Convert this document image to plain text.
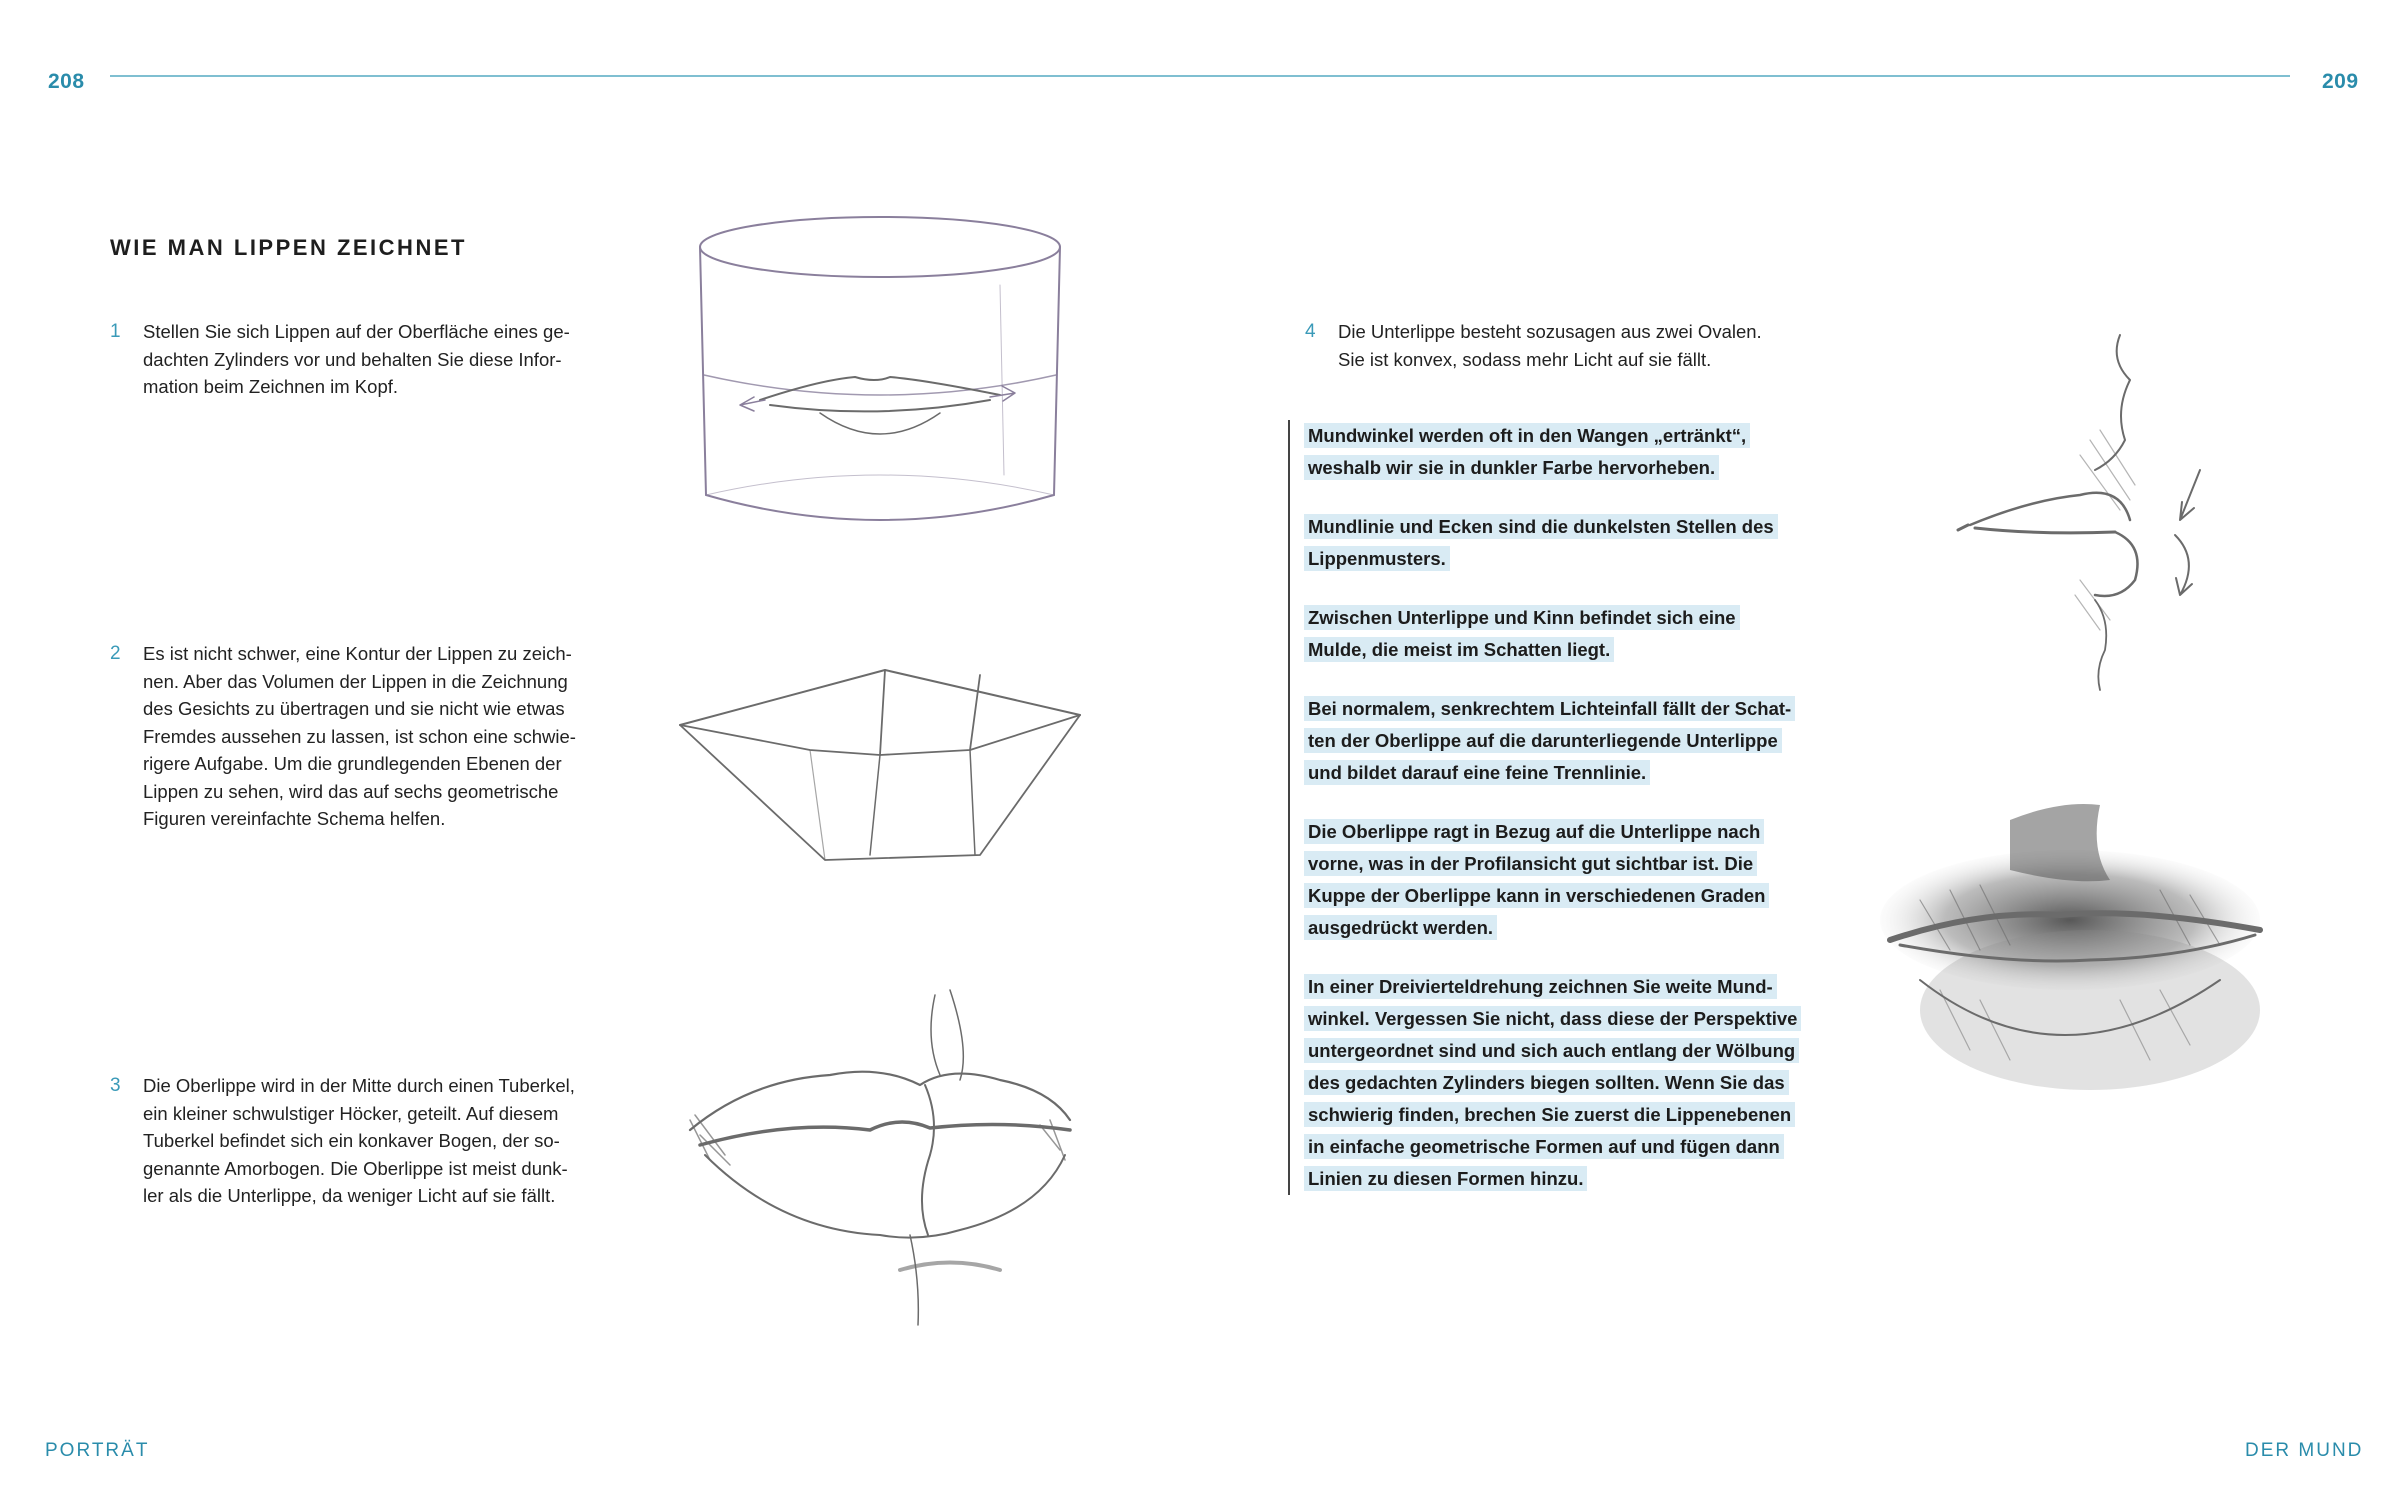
208	209
WIE MAN LIPPEN ZEICHNET
1 Stellen Sie sich Lippen auf der Oberfläche eines ge-
dachten Zylinders vor und behalten Sie diese Infor-
mation beim Zeichnen im Kopf.
2 Es ist nicht schwer, eine Kontur der Lippen zu zeich-
nen. Aber das Volumen der Lippen in die Zeichnung
des Gesichts zu übertragen und sie nicht wie etwas
Fremdes aussehen zu lassen, ist schon eine schwie-
rigere Aufgabe. Um die grundlegenden Ebenen der
Lippen zu sehen, wird das auf sechs geometrische
Figuren vereinfachte Schema helfen.
3 Die Oberlippe wird in der Mitte durch einen Tuberkel,
ein kleiner schwulstiger Höcker, geteilt. Auf diesem
Tuberkel befindet sich ein konkaver Bogen, der so-
genannte Amorbogen. Die Oberlippe ist meist dunk-
ler als die Unterlippe, da weniger Licht auf sie fällt.
4 Die Unterlippe besteht sozusagen aus zwei Ovalen.
Sie ist konvex, sodass mehr Licht auf sie fällt.
Mundwinkel werden oft in den Wangen „ertränkt“,
weshalb wir sie in dunkler Farbe hervorheben.
Mundlinie und Ecken sind die dunkelsten Stellen des
Lippenmusters.
Zwischen Unterlippe und Kinn befindet sich eine
Mulde, die meist im Schatten liegt.
Bei normalem, senkrechtem Lichteinfall fällt der Schat-
ten der Oberlippe auf die darunterliegende Unterlippe
und bildet darauf eine feine Trennlinie.
Die Oberlippe ragt in Bezug auf die Unterlippe nach
vorne, was in der Profilansicht gut sichtbar ist. Die
Kuppe der Oberlippe kann in verschiedenen Graden
ausgedrückt werden.
In einer Dreivierteldrehung zeichnen Sie weite Mund-
winkel. Vergessen Sie nicht, dass diese der Perspektive
untergeordnet sind und sich auch entlang der Wölbung
des gedachten Zylinders biegen sollten. Wenn Sie das
schwierig finden, brechen Sie zuerst die Lippenebenen
in einfache geometrische Formen auf und fügen dann
Linien zu diesen Formen hinzu.
PORTRÄT	DER MUND
